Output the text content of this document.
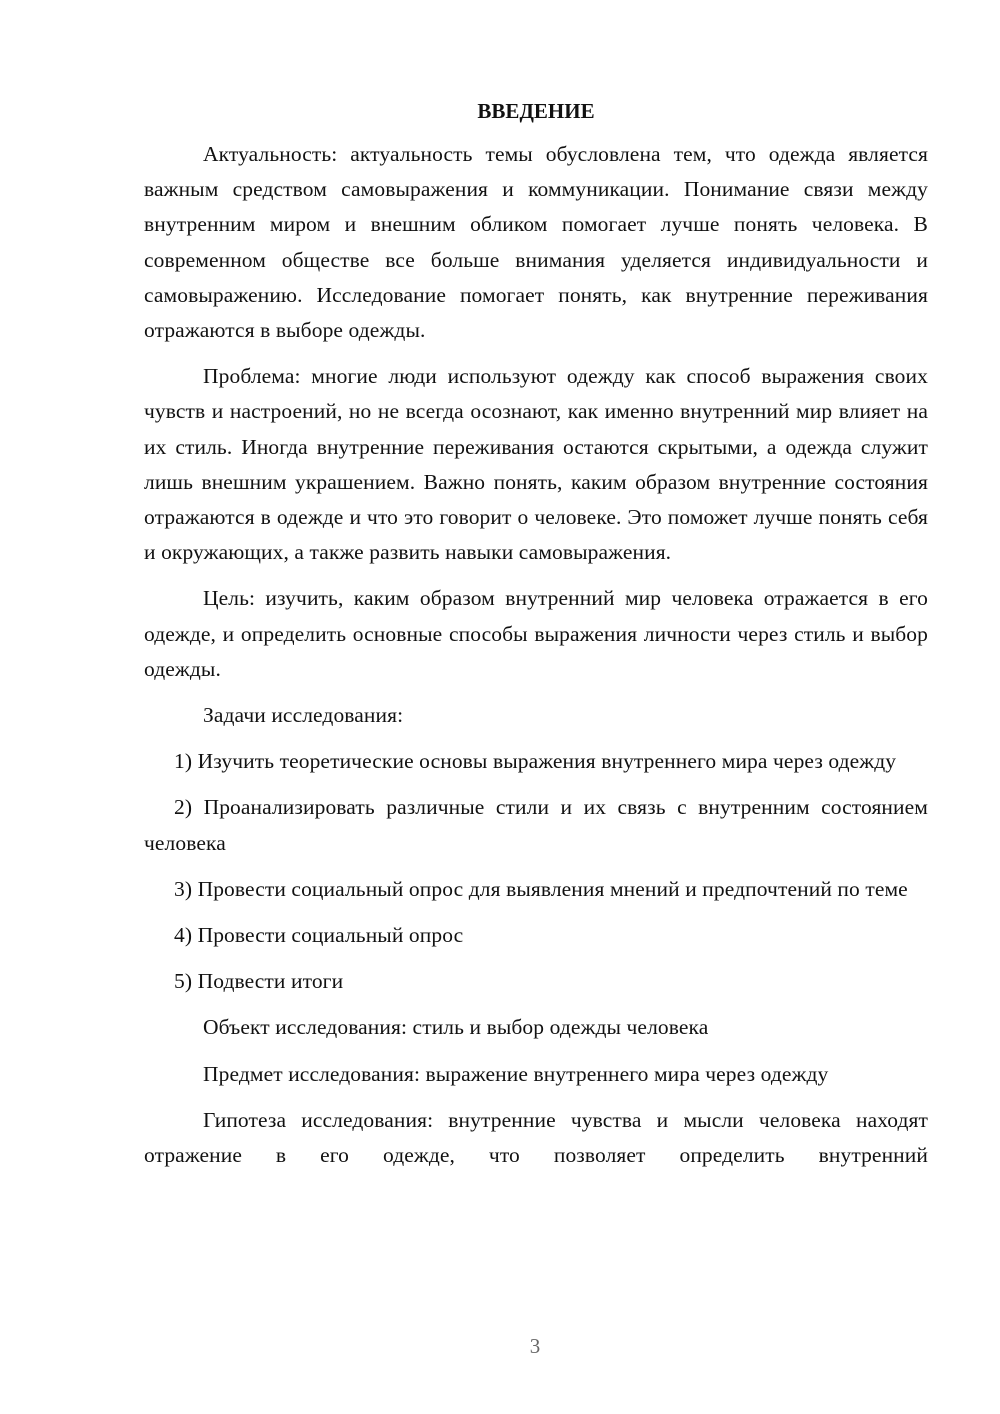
ВВЕДЕНИЕ

Актуальность: актуальность темы обусловлена тем, что одежда является важным средством самовыражения и коммуникации. Понимание связи между внутренним миром и внешним обликом помогает лучше понять человека. В современном обществе все больше внимания уделяется индивидуальности и самовыражению. Исследование помогает понять, как внутренние переживания отражаются в выборе одежды.

Проблема: многие люди используют одежду как способ выражения своих чувств и настроений, но не всегда осознают, как именно внутренний мир влияет на их стиль. Иногда внутренние переживания остаются скрытыми, а одежда служит лишь внешним украшением. Важно понять, каким образом внутренние состояния отражаются в одежде и что это говорит о человеке. Это поможет лучше понять себя и окружающих, а также развить навыки самовыражения.

Цель: изучить, каким образом внутренний мир человека отражается в его одежде, и определить основные способы выражения личности через стиль и выбор одежды.

Задачи исследования:

1) Изучить теоретические основы выражения внутреннего мира через одежду

2) Проанализировать различные стили и их связь с внутренним состоянием человека

3) Провести социальный опрос для выявления мнений и предпочтений по теме

4) Провести социальный опрос

5) Подвести итоги

Объект исследования: стиль и выбор одежды человека

Предмет исследования: выражение внутреннего мира через одежду

Гипотеза исследования: внутренние чувства и мысли человека находят отражение в его одежде, что позволяет определить внутренний

3
